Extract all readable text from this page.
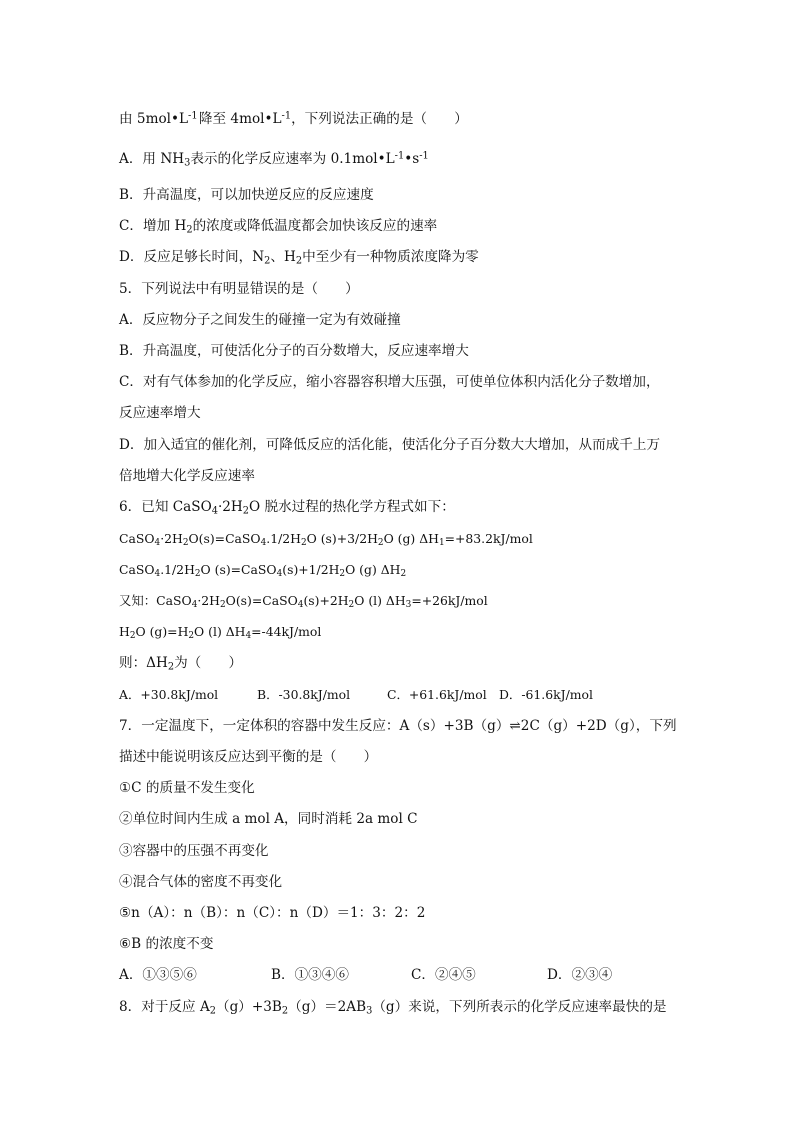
由 $5mol•L^{-1}$ 降至 $4mol•L^{-1}$，下列说法正确的是（　　）
A．用 $NH_3$表示的化学反应速率为 $0.1mol•L^{-1}•s^{-1}$
B．升高温度，可以加快逆反应的反应速度
C．增加 $H_2$的浓度或降低温度都会加快该反应的速率
D．反应足够长时间，$N_2$、$H_2$中至少有一种物质浓度降为零
5．下列说法中有明显错误的是（　　）
A．反应物分子之间发生的碰撞一定为有效碰撞
B．升高温度，可使活化分子的百分数增大，反应速率增大
C．对有气体参加的化学反应，缩小容器容积增大压强，可使单位体积内活化分子数增加，
反应速率增大
D．加入适宜的催化剂，可降低反应的活化能，使活化分子百分数大大增加，从而成千上万
倍地增大化学反应速率
6．已知 $CaSO_4\cdot 2H_2O$ 脱水过程的热化学方程式如下：
$CaSO_4\cdot 2H_2O(s)=CaSO_4.1/2H_2O$ $(s)+3/2H_2O$ (g) $\Delta H_1=+83.2kJ$/mol
$CaSO_4.1/2H_2O$ $(s)=CaSO_4(s)+1/2H_2O$ (g) $\Delta H_2$
又知：$CaSO_4\cdot 2H_2O(s)=CaSO_4(s)+2H_2O$ (l) $\Delta H_3=+26kJ$/mol
$H_2O$ $(g)=H_2O$ (l) $\Delta H_4=-44kJ$/mol
则：$\Delta H_2$为（　　）
A．+30.8kJ/mol	B．-30.8kJ/mol	C．+61.6kJ/mol D．-61.6kJ/mol
7．一定温度下，一定体积的容器中发生反应：A（s）+3B（g）⇌2C（g）+2D（g），下列
描述中能说明该反应达到平衡的是（　　）
①C 的质量不发生变化
②单位时间内生成 a mol A，同时消耗 2a mol C
③容器中的压强不再变化
④混合气体的密度不再变化
⑤n（A）：n（B）：n（C）：n（D）＝1：3：2：2
⑥B 的浓度不变
A．①③⑤⑥	B．①③④⑥	C．②④⑤	D．②③④
8．对于反应 $A_2(g)+3B_2(g)=2AB_3(g)$来说，下列所表示的化学反应速率最快的是
